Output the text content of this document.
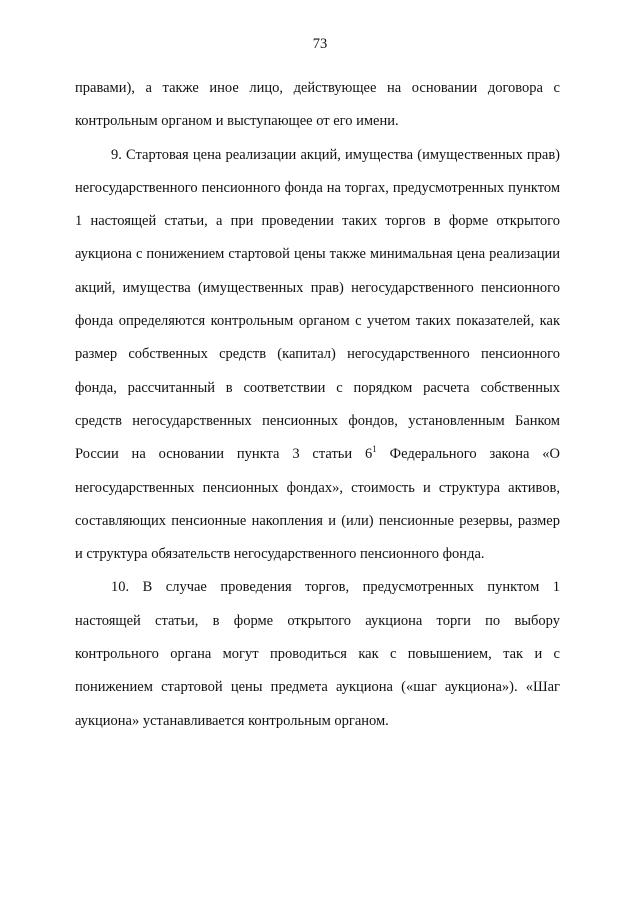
73

правами), а также иное лицо, действующее на основании договора с контрольным органом и выступающее от его имени.

9. Стартовая цена реализации акций, имущества (имущественных прав) негосударственного пенсионного фонда на торгах, предусмотренных пунктом 1 настоящей статьи, а при проведении таких торгов в форме открытого аукциона с понижением стартовой цены также минимальная цена реализации акций, имущества (имущественных прав) негосударственного пенсионного фонда определяются контрольным органом с учетом таких показателей, как размер собственных средств (капитал) негосударственного пенсионного фонда, рассчитанный в соответствии с порядком расчета собственных средств негосударственных пенсионных фондов, установленным Банком России на основании пункта 3 статьи $6^1$ Федерального закона «О негосударственных пенсионных фондах», стоимость и структура активов, составляющих пенсионные накопления и (или) пенсионные резервы, размер и структура обязательств негосударственного пенсионного фонда.

10. В случае проведения торгов, предусмотренных пунктом 1 настоящей статьи, в форме открытого аукциона торги по выбору контрольного органа могут проводиться как с повышением, так и с понижением стартовой цены предмета аукциона («шаг аукциона»). «Шаг аукциона» устанавливается контрольным органом.
